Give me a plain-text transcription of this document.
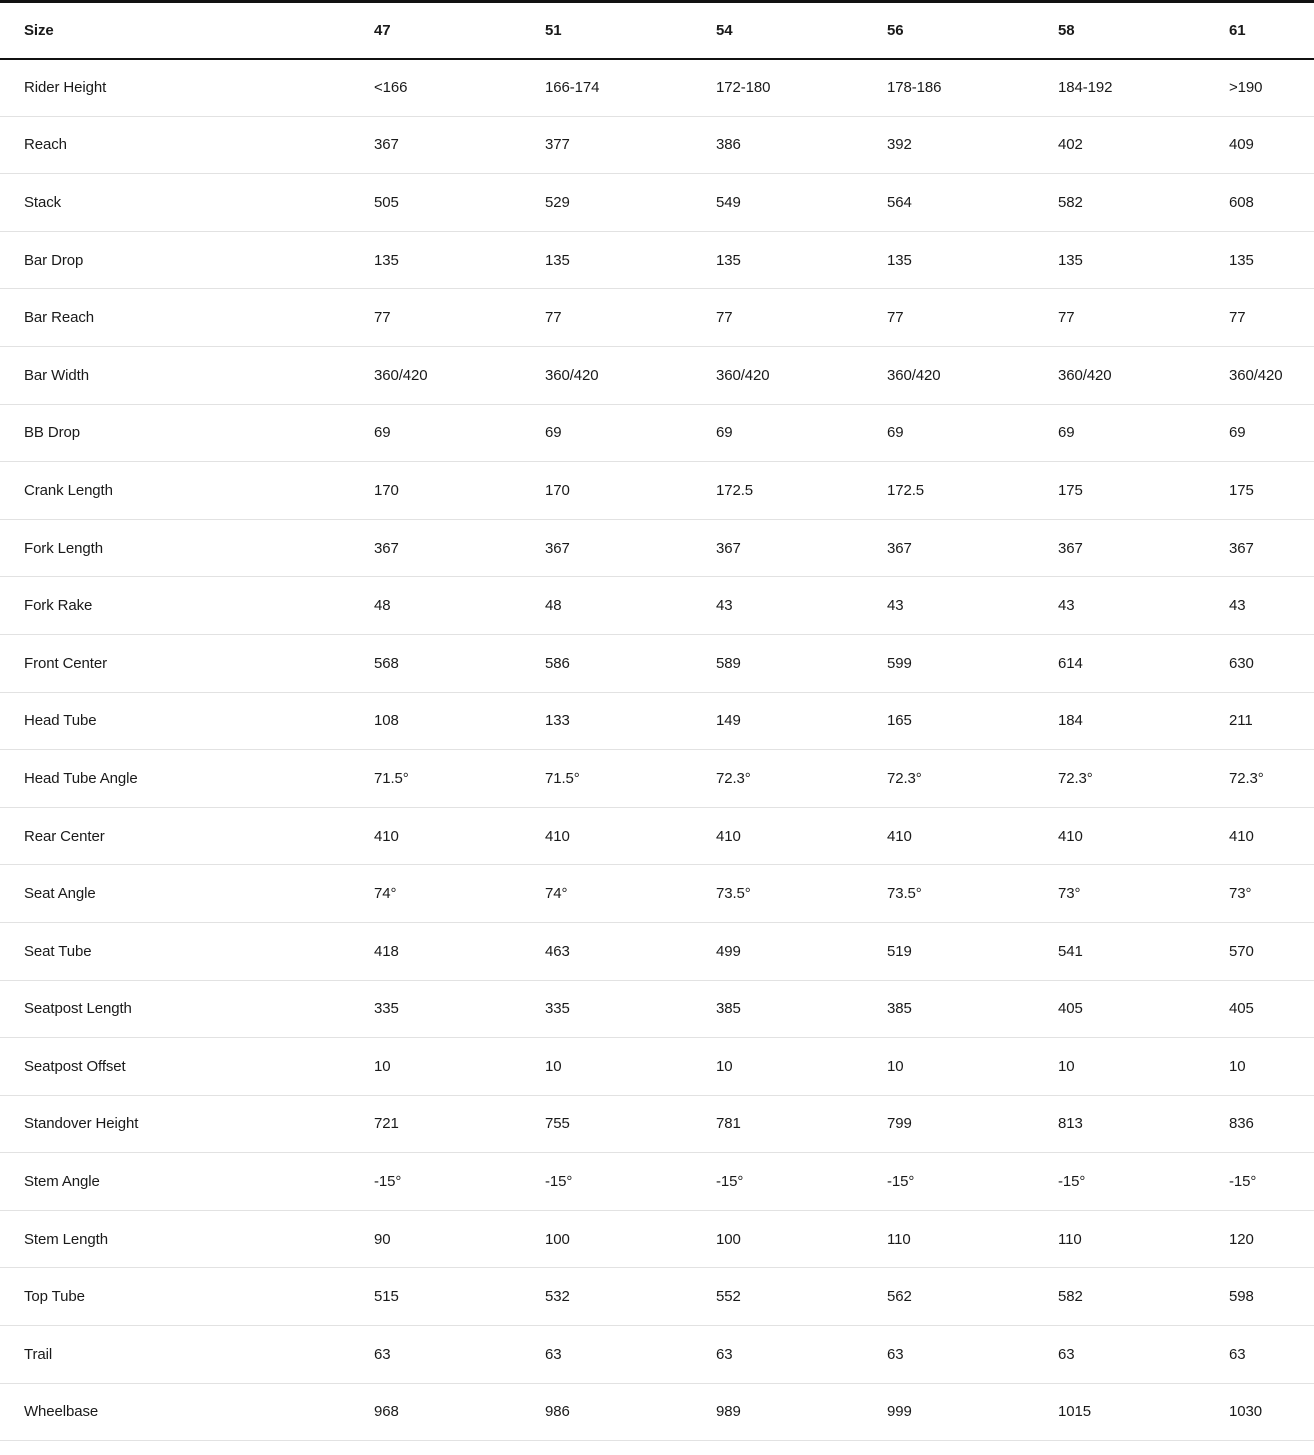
Size	47	51	54	56	58	61
Rider Height	<166	166-174	172-180	178-186	184-192	>190
Reach	367	377	386	392	402	409
Stack	505	529	549	564	582	608
Bar Drop	135	135	135	135	135	135
Bar Reach	77	77	77	77	77	77
Bar Width	360/420	360/420	360/420	360/420	360/420	360/420
BB Drop	69	69	69	69	69	69
Crank Length	170	170	172.5	172.5	175	175
Fork Length	367	367	367	367	367	367
Fork Rake	48	48	43	43	43	43
Front Center	568	586	589	599	614	630
Head Tube	108	133	149	165	184	211
Head Tube Angle	71.5°	71.5°	72.3°	72.3°	72.3°	72.3°
Rear Center	410	410	410	410	410	410
Seat Angle	74°	74°	73.5°	73.5°	73°	73°
Seat Tube	418	463	499	519	541	570
Seatpost Length	335	335	385	385	405	405
Seatpost Offset	10	10	10	10	10	10
Standover Height	721	755	781	799	813	836
Stem Angle	-15°	-15°	-15°	-15°	-15°	-15°
Stem Length	90	100	100	110	110	120
Top Tube	515	532	552	562	582	598
Trail	63	63	63	63	63	63
Wheelbase	968	986	989	999	1015	1030
